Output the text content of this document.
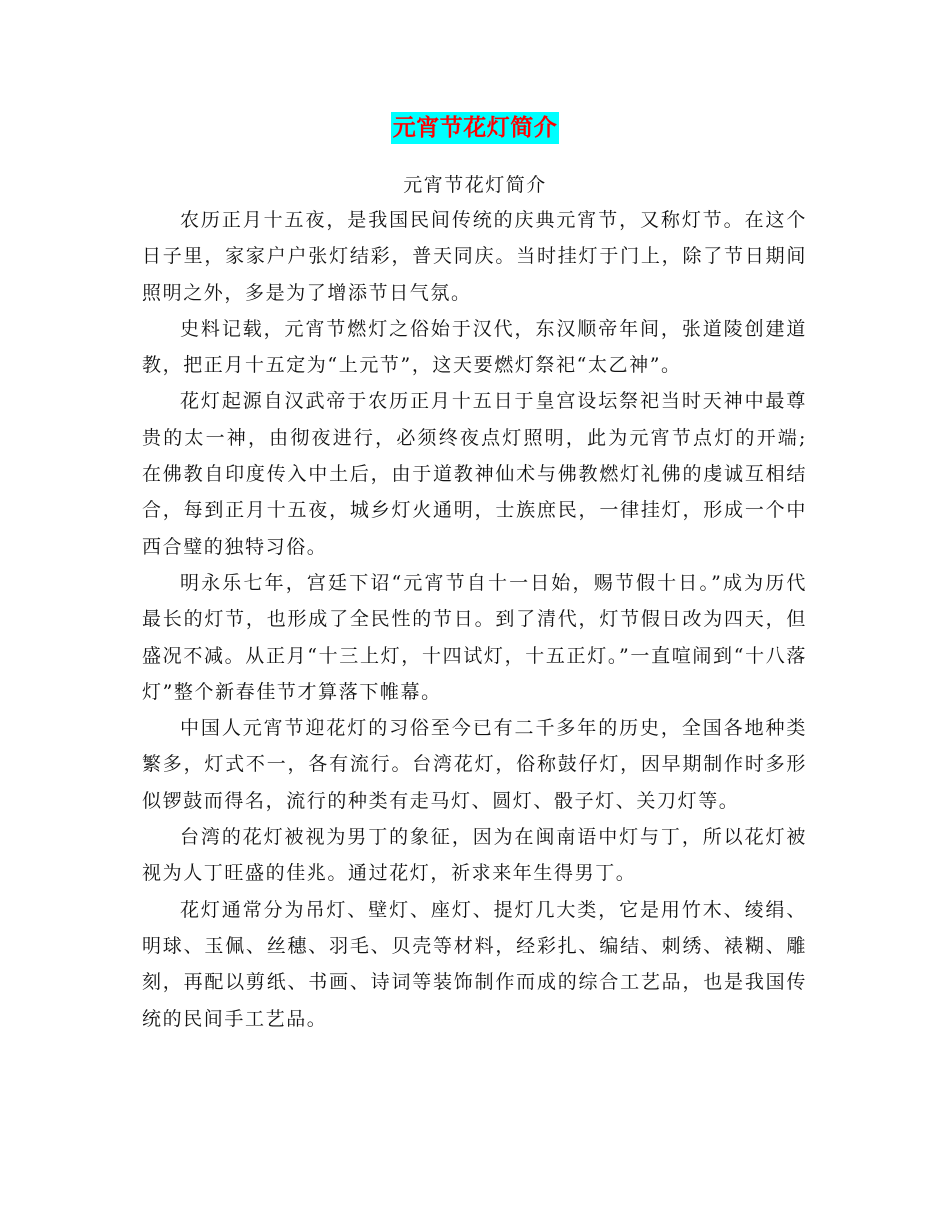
元宵节花灯简介
元宵节花灯简介

农历正月十五夜，是我国民间传统的庆典元宵节，又称灯节。在这个日子里，家家户户张灯结彩，普天同庆。当时挂灯于门上，除了节日期间照明之外，多是为了增添节日气氛。

史料记载，元宵节燃灯之俗始于汉代，东汉顺帝年间，张道陵创建道教，把正月十五定为“上元节”，这天要燃灯祭祀“太乙神”。

花灯起源自汉武帝于农历正月十五日于皇宫设坛祭祀当时天神中最尊贵的太一神，由彻夜进行，必须终夜点灯照明，此为元宵节点灯的开端;在佛教自印度传入中土后，由于道教神仙术与佛教燃灯礼佛的虔诚互相结合，每到正月十五夜，城乡灯火通明，士族庶民，一律挂灯，形成一个中西合璧的独特习俗。

明永乐七年，宫廷下诏“元宵节自十一日始，赐节假十日。”成为历代最长的灯节，也形成了全民性的节日。到了清代，灯节假日改为四天，但盛况不减。从正月“十三上灯，十四试灯，十五正灯。”一直喧闹到“十八落灯”整个新春佳节才算落下帷幕。

中国人元宵节迎花灯的习俗至今已有二千多年的历史，全国各地种类繁多，灯式不一，各有流行。台湾花灯，俗称鼓仔灯，因早期制作时多形似锣鼓而得名，流行的种类有走马灯、圆灯、骰子灯、关刀灯等。

台湾的花灯被视为男丁的象征，因为在闽南语中灯与丁，所以花灯被视为人丁旺盛的佳兆。通过花灯，祈求来年生得男丁。

花灯通常分为吊灯、壁灯、座灯、提灯几大类，它是用竹木、绫绢、明球、玉佩、丝穗、羽毛、贝壳等材料，经彩扎、编结、刺绣、裱糊、雕刻，再配以剪纸、书画、诗词等装饰制作而成的综合工艺品，也是我国传统的民间手工艺品。
